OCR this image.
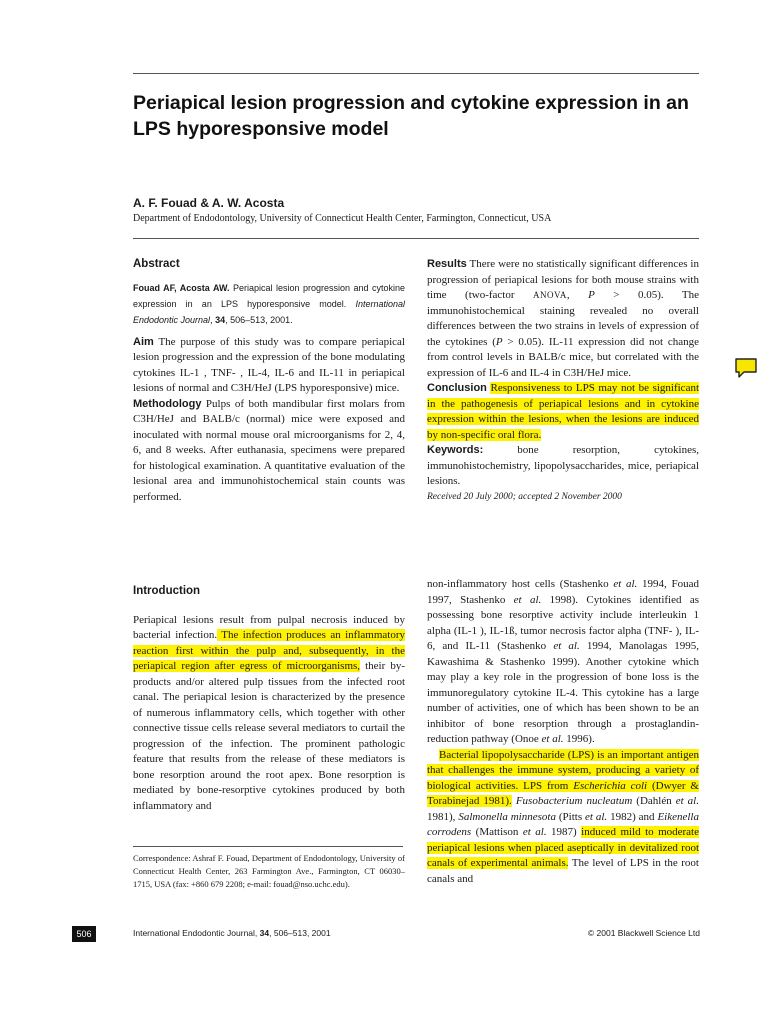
Periapical lesion progression and cytokine expression in an LPS hyporesponsive model
A. F. Fouad & A. W. Acosta
Department of Endodontology, University of Connecticut Health Center, Farmington, Connecticut, USA
Abstract
Fouad AF, Acosta AW. Periapical lesion progression and cytokine expression in an LPS hyporesponsive model. International Endodontic Journal, 34, 506–513, 2001.

Aim The purpose of this study was to compare periapical lesion progression and the expression of the bone modulating cytokines IL-1 , TNF- , IL-4, IL-6 and IL-11 in periapical lesions of normal and C3H/HeJ (LPS hyporesponsive) mice.

Methodology Pulps of both mandibular first molars from C3H/HeJ and BALB/c (normal) mice were exposed and inoculated with normal mouse oral microorganisms for 2, 4, 6, and 8 weeks. After euthanasia, specimens were prepared for histological examination. A quantitative evaluation of the lesional area and immunohistochemical stain counts was performed.

Results There were no statistically significant differences in progression of periapical lesions for both mouse strains with time (two-factor ANOVA, P > 0.05). The immunohistochemical staining revealed no overall differences between the two strains in levels of expression of the cytokines (P > 0.05). IL-11 expression did not change from control levels in BALB/c mice, but correlated with the expression of IL-6 and IL-4 in C3H/HeJ mice.

Conclusion Responsiveness to LPS may not be significant in the pathogenesis of periapical lesions and in cytokine expression within the lesions, when the lesions are induced by non-specific oral flora.

Keywords: bone resorption, cytokines, immunohistochemistry, lipopolysaccharides, mice, periapical lesions.

Received 20 July 2000; accepted 2 November 2000

Introduction

Periapical lesions result from pulpal necrosis induced by bacterial infection. The infection produces an inflammatory reaction first within the pulp and, subsequently, in the periapical region after egress of microorganisms, their by-products and/or altered pulp tissues from the infected root canal. The periapical lesion is characterized by the presence of numerous inflammatory cells, which together with other connective tissue cells release several mediators to curtail the progression of the infection. The prominent pathologic feature that results from the release of these mediators is bone resorption around the root apex. Bone resorption is mediated by bone-resorptive cytokines produced by both inflammatory and

non-inflammatory host cells (Stashenko et al. 1994, Fouad 1997, Stashenko et al. 1998). Cytokines identified as possessing bone resorptive activity include interleukin 1 alpha (IL-1 ), IL-1ß, tumor necrosis factor alpha (TNF- ), IL-6, and IL-11 (Stashenko et al. 1994, Manolagas 1995, Kawashima & Stashenko 1999). Another cytokine which may play a key role in the progression of bone loss is the immunoregulatory cytokine IL-4. This cytokine has a large number of activities, one of which has been shown to be an inhibitor of bone resorption through a prostaglandin-reduction pathway (Onoe et al. 1996).

Bacterial lipopolysaccharide (LPS) is an important antigen that challenges the immune system, producing a variety of biological activities. LPS from Escherichia coli (Dwyer & Torabinejad 1981). Fusobacterium nucleatum (Dahlén et al. 1981), Salmonella minnesota (Pitts et al. 1982) and Eikenella corrodens (Mattison et al. 1987) induced mild to moderate periapical lesions when placed aseptically in devitalized root canals of experimental animals. The level of LPS in the root canals and

Correspondence: Ashraf F. Fouad, Department of Endodontology, University of Connecticut Health Center, 263 Farmington Ave., Farmington, CT 06030–1715, USA (fax: +860 679 2208; e-mail: fouad@nso.uchc.edu).
506	International Endodontic Journal, 34, 506–513, 2001	© 2001 Blackwell Science Ltd
